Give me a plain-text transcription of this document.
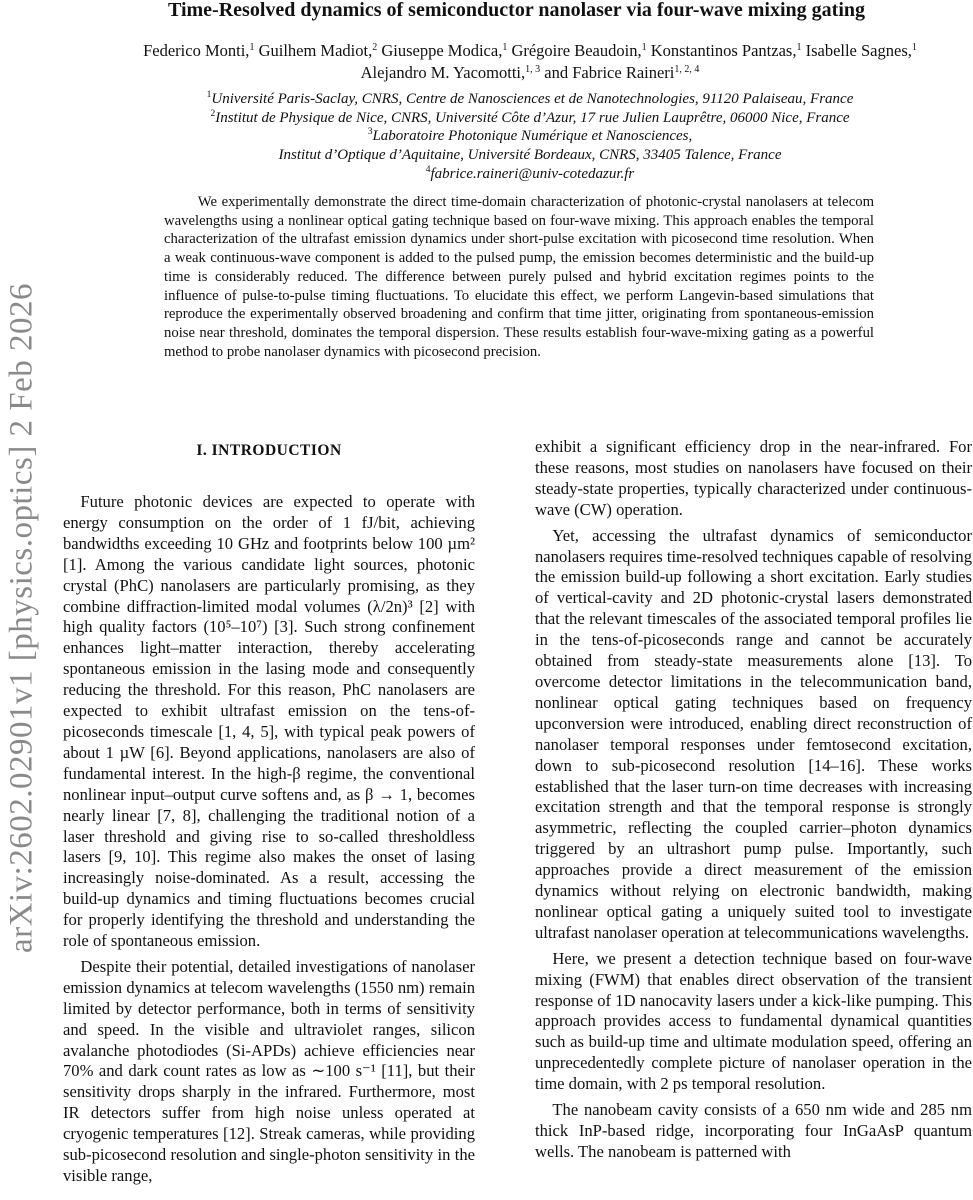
arXiv:2602.02901v1 [physics.optics] 2 Feb 2026
Time-Resolved dynamics of semiconductor nanolaser via four-wave mixing gating
Federico Monti,$^1$ Guilhem Madiot,$^2$ Giuseppe Modica,$^1$ Grégoire Beaudoin,$^1$ Konstantinos Pantzas,$^1$ Isabelle Sagnes,$^1$ Alejandro M. Yacomotti,$^{1, 3}$ and Fabrice Raineri$^{1, 2, 4}$
$^1$Université Paris-Saclay, CNRS, Centre de Nanosciences et de Nanotechnologies, 91120 Palaiseau, France
$^2$Institut de Physique de Nice, CNRS, Université Côte d’Azur, 17 rue Julien Lauprêtre, 06000 Nice, France
$^3$Laboratoire Photonique Numérique et Nanosciences,
Institut d’Optique d’Aquitaine, Université Bordeaux, CNRS, 33405 Talence, France
$^4$fabrice.raineri@univ-cotedazur.fr

We experimentally demonstrate the direct time-domain characterization of photonic-crystal nanolasers at telecom wavelengths using a nonlinear optical gating technique based on four-wave mixing. This approach enables the temporal characterization of the ultrafast emission dynamics under short-pulse excitation with picosecond time resolution. When a weak continuous-wave component is added to the pulsed pump, the emission becomes deterministic and the build-up time is considerably reduced. The difference between purely pulsed and hybrid excitation regimes points to the influence of pulse-to-pulse timing fluctuations. To elucidate this effect, we perform Langevin-based simulations that reproduce the experimentally observed broadening and confirm that time jitter, originating from spontaneous-emission noise near threshold, dominates the temporal dispersion. These results establish four-wave-mixing gating as a powerful method to probe nanolaser dynamics with picosecond precision.

I. INTRODUCTION

Future photonic devices are expected to operate with energy consumption on the order of 1 fJ/bit, achieving bandwidths exceeding 10 GHz and footprints below 100 µm² [1]. Among the various candidate light sources, photonic crystal (PhC) nanolasers are particularly promising, as they combine diffraction-limited modal volumes (λ/2n)³ [2] with high quality factors (10⁵–10⁷) [3]. Such strong confinement enhances light–matter interaction, thereby accelerating spontaneous emission in the lasing mode and consequently reducing the threshold. For this reason, PhC nanolasers are expected to exhibit ultrafast emission on the tens-of-picoseconds timescale [1, 4, 5], with typical peak powers of about 1 µW [6]. Beyond applications, nanolasers are also of fundamental interest. In the high-β regime, the conventional nonlinear input–output curve softens and, as β → 1, becomes nearly linear [7, 8], challenging the traditional notion of a laser threshold and giving rise to so-called thresholdless lasers [9, 10]. This regime also makes the onset of lasing increasingly noise-dominated. As a result, accessing the build-up dynamics and timing fluctuations becomes crucial for properly identifying the threshold and understanding the role of spontaneous emission.

Despite their potential, detailed investigations of nanolaser emission dynamics at telecom wavelengths (1550 nm) remain limited by detector performance, both in terms of sensitivity and speed. In the visible and ultraviolet ranges, silicon avalanche photodiodes (Si-APDs) achieve efficiencies near 70% and dark count rates as low as ∼100 s⁻¹ [11], but their sensitivity drops sharply in the infrared. Furthermore, most IR detectors suffer from high noise unless operated at cryogenic temperatures [12]. Streak cameras, while providing sub-picosecond resolution and single-photon sensitivity in the visible range,

exhibit a significant efficiency drop in the near-infrared. For these reasons, most studies on nanolasers have focused on their steady-state properties, typically characterized under continuous-wave (CW) operation.

Yet, accessing the ultrafast dynamics of semiconductor nanolasers requires time-resolved techniques capable of resolving the emission build-up following a short excitation. Early studies of vertical-cavity and 2D photonic-crystal lasers demonstrated that the relevant timescales of the associated temporal profiles lie in the tens-of-picoseconds range and cannot be accurately obtained from steady-state measurements alone [13]. To overcome detector limitations in the telecommunication band, nonlinear optical gating techniques based on frequency upconversion were introduced, enabling direct reconstruction of nanolaser temporal responses under femtosecond excitation, down to sub-picosecond resolution [14–16]. These works established that the laser turn-on time decreases with increasing excitation strength and that the temporal response is strongly asymmetric, reflecting the coupled carrier–photon dynamics triggered by an ultrashort pump pulse. Importantly, such approaches provide a direct measurement of the emission dynamics without relying on electronic bandwidth, making nonlinear optical gating a uniquely suited tool to investigate ultrafast nanolaser operation at telecommunications wavelengths.

Here, we present a detection technique based on four-wave mixing (FWM) that enables direct observation of the transient response of 1D nanocavity lasers under a kick-like pumping. This approach provides access to fundamental dynamical quantities such as build-up time and ultimate modulation speed, offering an unprecedentedly complete picture of nanolaser operation in the time domain, with 2 ps temporal resolution.

The nanobeam cavity consists of a 650 nm wide and 285 nm thick InP-based ridge, incorporating four InGaAsP quantum wells. The nanobeam is patterned with
